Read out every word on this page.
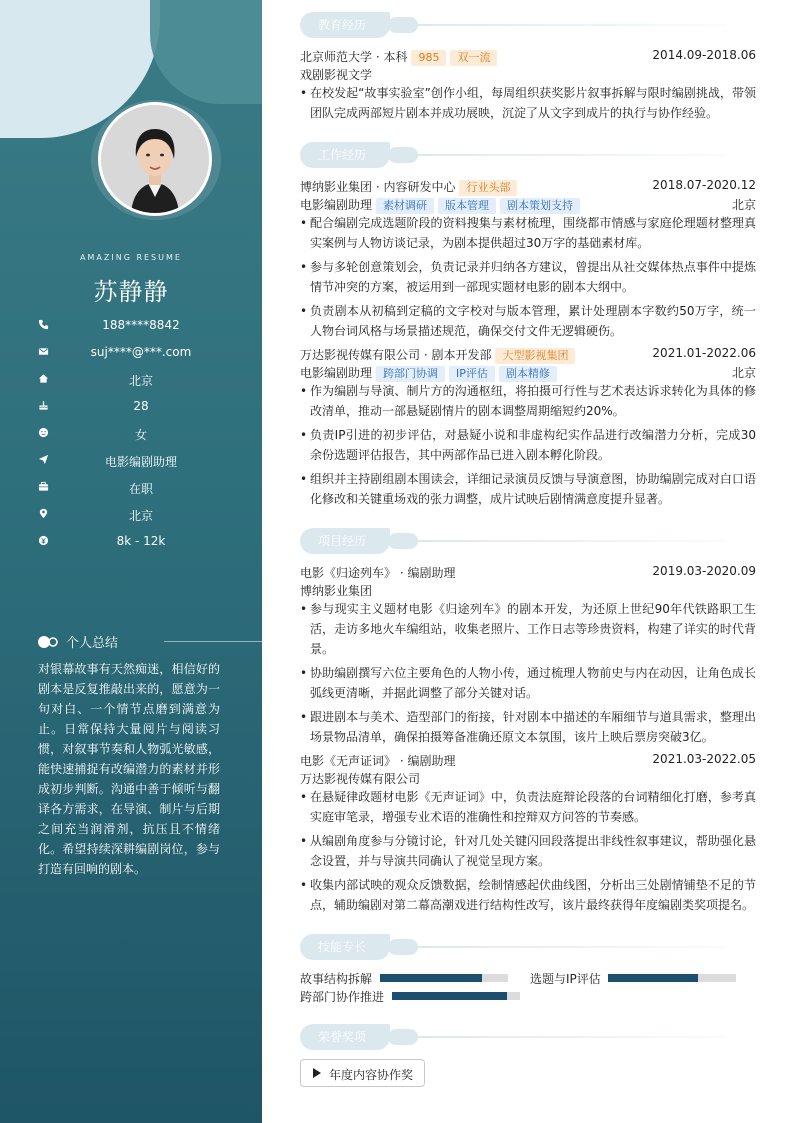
AMAZING RESUME
苏静静
188****8842
suj****@***.com
北京
28
女
电影编剧助理
在职
北京
8k - 12k
个人总结
对银幕故事有天然痴迷，相信好的剧本是反复推敲出来的，愿意为一句对白、一个情节点磨到满意为止。日常保持大量阅片与阅读习惯，对叙事节奏和人物弧光敏感，能快速捕捉有改编潜力的素材并形成初步判断。沟通中善于倾听与翻译各方需求，在导演、制片与后期之间充当润滑剂，抗压且不情绪化。希望持续深耕编剧岗位，参与打造有回响的剧本。
教育经历
北京师范大学 · 本科 985 双一流	2014.09-2018.06
戏剧影视文学
• 在校发起“故事实验室”创作小组，每周组织获奖影片叙事拆解与限时编剧挑战，带领团队完成两部短片剧本并成功展映，沉淀了从文字到成片的执行与协作经验。
工作经历
博纳影业集团 · 内容研发中心 行业头部	2018.07-2020.12
电影编剧助理 素材调研 版本管理 剧本策划支持	北京
• 配合编剧完成选题阶段的资料搜集与素材梳理，围绕都市情感与家庭伦理题材整理真实案例与人物访谈记录，为剧本提供超过30万字的基础素材库。
• 参与多轮创意策划会，负责记录并归纳各方建议，曾提出从社交媒体热点事件中提炼情节冲突的方案，被运用到一部现实题材电影的剧本大纲中。
• 负责剧本从初稿到定稿的文字校对与版本管理，累计处理剧本字数约50万字，统一人物台词风格与场景描述规范，确保交付文件无逻辑硬伤。
万达影视传媒有限公司 · 剧本开发部 大型影视集团	2021.01-2022.06
电影编剧助理 跨部门协调 IP评估 剧本精修	北京
• 作为编剧与导演、制片方的沟通枢纽，将拍摄可行性与艺术表达诉求转化为具体的修改清单，推动一部悬疑剧情片的剧本调整周期缩短约20%。
• 负责IP引进的初步评估，对悬疑小说和非虚构纪实作品进行改编潜力分析，完成30余份选题评估报告，其中两部作品已进入剧本孵化阶段。
• 组织并主持剧组剧本围读会，详细记录演员反馈与导演意图，协助编剧完成对白口语化修改和关键重场戏的张力调整，成片试映后剧情满意度提升显著。
项目经历
电影《归途列车》 · 编剧助理	2019.03-2020.09
博纳影业集团
• 参与现实主义题材电影《归途列车》的剧本开发，为还原上世纪90年代铁路职工生活，走访多地火车编组站，收集老照片、工作日志等珍贵资料，构建了详实的时代背景。
• 协助编剧撰写六位主要角色的人物小传，通过梳理人物前史与内在动因，让角色成长弧线更清晰，并据此调整了部分关键对话。
• 跟进剧本与美术、造型部门的衔接，针对剧本中描述的车厢细节与道具需求，整理出场景物品清单，确保拍摄筹备准确还原文本氛围，该片上映后票房突破3亿。
电影《无声证词》 · 编剧助理	2021.03-2022.05
万达影视传媒有限公司
• 在悬疑律政题材电影《无声证词》中，负责法庭辩论段落的台词精细化打磨，参考真实庭审笔录，增强专业术语的准确性和控辩双方问答的节奏感。
• 从编剧角度参与分镜讨论，针对几处关键闪回段落提出非线性叙事建议，帮助强化悬念设置，并与导演共同确认了视觉呈现方案。
• 收集内部试映的观众反馈数据，绘制情感起伏曲线图，分析出三处剧情铺垫不足的节点，辅助编剧对第二幕高潮戏进行结构性改写，该片最终获得年度编剧类奖项提名。
技能专长
故事结构拆解	选题与IP评估
跨部门协作推进
荣誉奖项
年度内容协作奖
